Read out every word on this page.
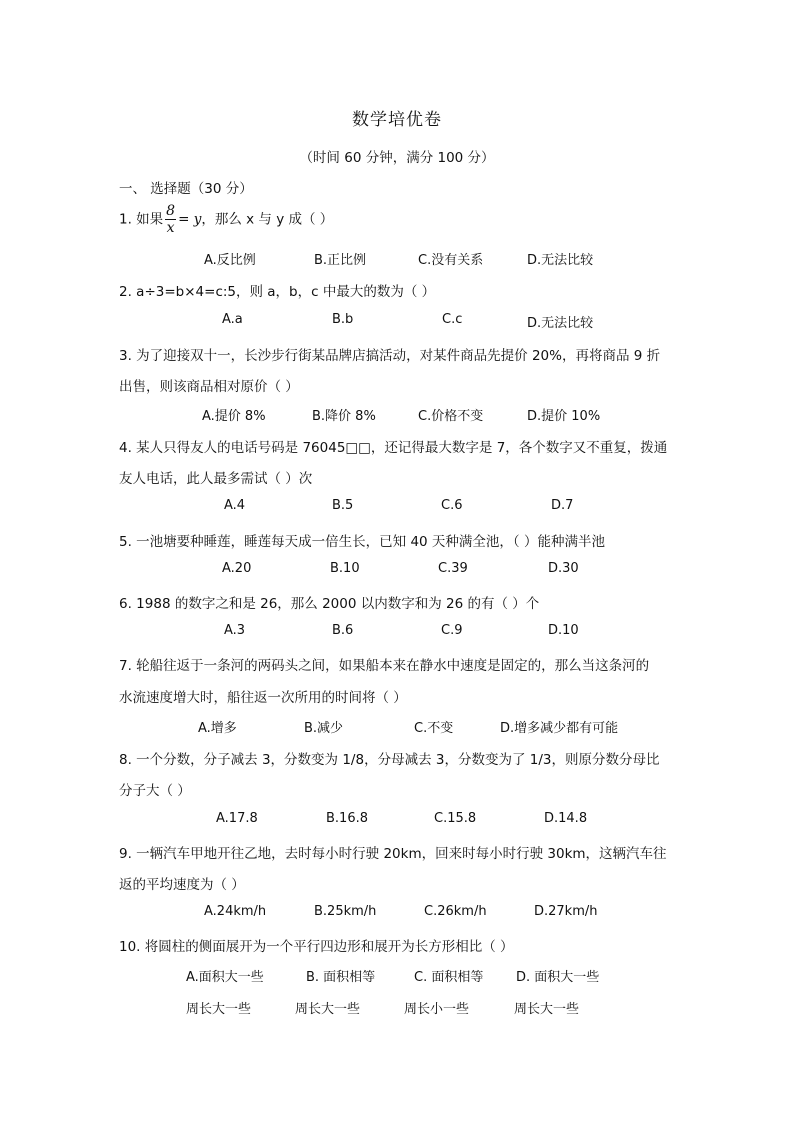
数学培优卷
（时间 60 分钟，满分 100 分）
一、 选择题（30 分）
1. 如果 $\frac{8}{x} = y$，那么 x 与 y 成（ ）
A.反比例	B.正比例	C.没有关系	D.无法比较
2. a÷3=b×4=c:5，则 a，b，c 中最大的数为（ ）
A.a	B.b	C.c	D.无法比较
3. 为了迎接双十一，长沙步行街某品牌店搞活动，对某件商品先提价 20%，再将商品 9 折
出售，则该商品相对原价（ ）
A.提价 8%	B.降价 8%	C.价格不变	D.提价 10%
4. 某人只得友人的电话号码是 76045□□，还记得最大数字是 7，各个数字又不重复，拨通
友人电话，此人最多需试（ ）次
A.4	B.5	C.6	D.7
5. 一池塘要种睡莲，睡莲每天成一倍生长，已知 40 天种满全池，（ ）能种满半池
A.20	B.10	C.39	D.30
6. 1988 的数字之和是 26，那么 2000 以内数字和为 26 的有（ ）个
A.3	B.6	C.9	D.10
7. 轮船往返于一条河的两码头之间，如果船本来在静水中速度是固定的，那么当这条河的
水流速度增大时，船往返一次所用的时间将（ ）
A.增多	B.减少	C.不变	D.增多减少都有可能
8. 一个分数，分子减去 3，分数变为 1/8，分母减去 3，分数变为了 1/3，则原分数分母比
分子大（ ）
A.17.8	B.16.8	C.15.8	D.14.8
9. 一辆汽车甲地开往乙地，去时每小时行驶 20km，回来时每小时行驶 30km，这辆汽车往
返的平均速度为（ ）
A.24km/h	B.25km/h	C.26km/h	D.27km/h
10. 将圆柱的侧面展开为一个平行四边形和展开为长方形相比（ ）
A.面积大一些	B. 面积相等	C. 面积相等	D. 面积大一些
周长大一些	周长大一些	周长小一些	周长大一些
